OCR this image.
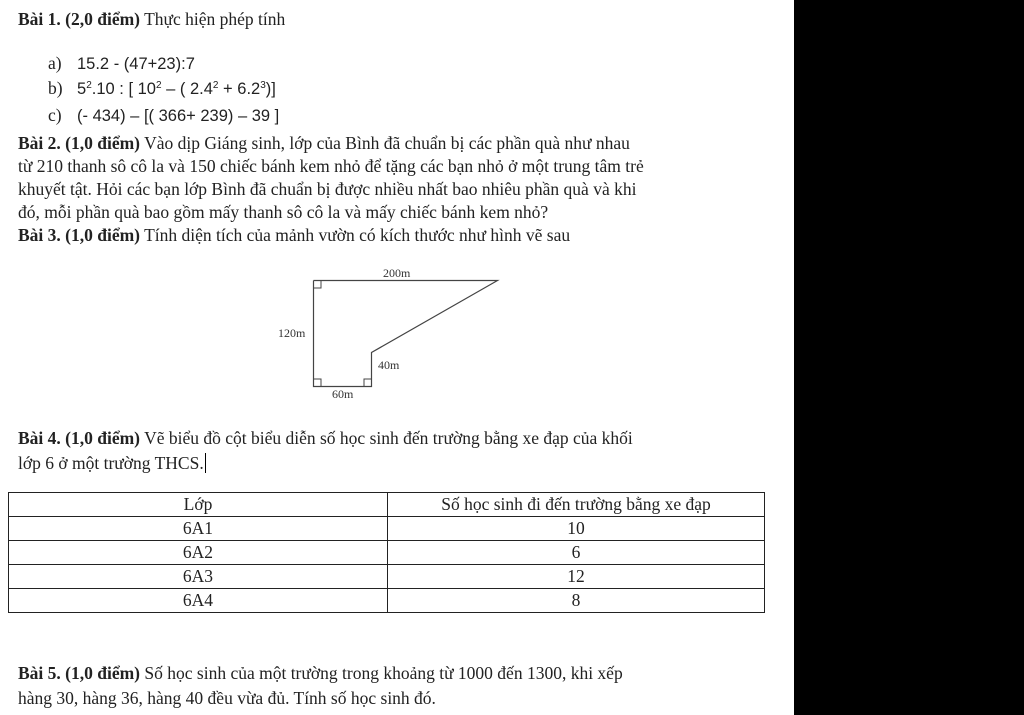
Bài 1. (2,0 điểm) Thực hiện phép tính
a) 15.2 - (47+23):7
b) $5^2.10$ : [ $10^2$ – ( $2.4^2 + 6.2^3$)]
c) (- 434) – [( 366+ 239) – 39 ]
Bài 2. (1,0 điểm) Vào dịp Giáng sinh, lớp của Bình đã chuẩn bị các phần quà như nhau
từ 210 thanh sô cô la và 150 chiếc bánh kem nhỏ để tặng các bạn nhỏ ở một trung tâm trẻ
khuyết tật. Hỏi các bạn lớp Bình đã chuẩn bị được nhiều nhất bao nhiêu phần quà và khi
đó, mỗi phần quà bao gồm mấy thanh sô cô la và mấy chiếc bánh kem nhỏ?
Bài 3. (1,0 điểm) Tính diện tích của mảnh vườn có kích thước như hình vẽ sau
200m
120m
40m
60m
Bài 4. (1,0 điểm) Vẽ biểu đồ cột biểu diễn số học sinh đến trường bằng xe đạp của khối
lớp 6 ở một trường THCS.
Lớp	Số học sinh đi đến trường bằng xe đạp
6A1	10
6A2	6
6A3	12
6A4	8
Bài 5. (1,0 điểm) Số học sinh của một trường trong khoảng từ 1000 đến 1300, khi xếp
hàng 30, hàng 36, hàng 40 đều vừa đủ. Tính số học sinh đó.
